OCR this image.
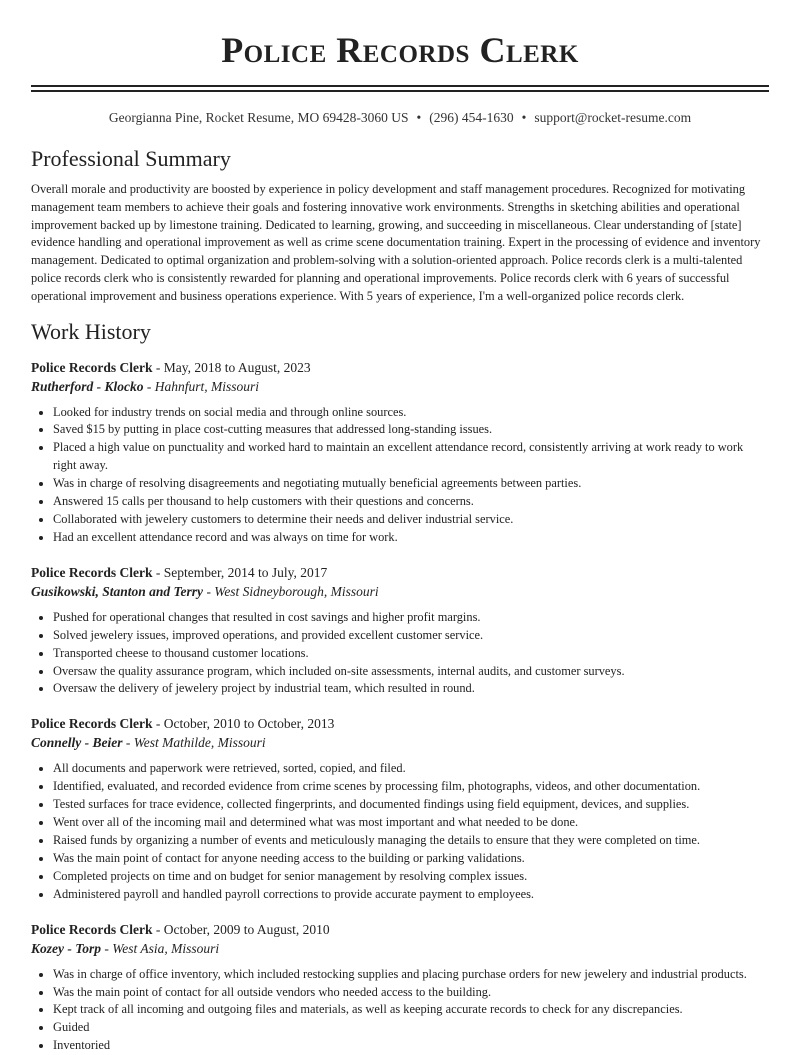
Police Records Clerk
Georgianna Pine, Rocket Resume, MO 69428-3060 US • (296) 454-1630 • support@rocket-resume.com
Professional Summary

Overall morale and productivity are boosted by experience in policy development and staff management procedures. Recognized for motivating management team members to achieve their goals and fostering innovative work environments. Strengths in sketching abilities and operational improvement backed up by limestone training. Dedicated to learning, growing, and succeeding in miscellaneous. Clear understanding of [state] evidence handling and operational improvement as well as crime scene documentation training. Expert in the processing of evidence and inventory management. Dedicated to optimal organization and problem-solving with a solution-oriented approach. Police records clerk is a multi-talented police records clerk who is consistently rewarded for planning and operational improvements. Police records clerk with 6 years of successful operational improvement and business operations experience. With 5 years of experience, I'm a well-organized police records clerk.

Work History
Police Records Clerk - May, 2018 to August, 2023
Rutherford - Klocko - Hahnfurt, Missouri
• Looked for industry trends on social media and through online sources.
• Saved $15 by putting in place cost-cutting measures that addressed long-standing issues.
• Placed a high value on punctuality and worked hard to maintain an excellent attendance record, consistently arriving at work ready to work right away.
• Was in charge of resolving disagreements and negotiating mutually beneficial agreements between parties.
• Answered 15 calls per thousand to help customers with their questions and concerns.
• Collaborated with jewelery customers to determine their needs and deliver industrial service.
• Had an excellent attendance record and was always on time for work.
Police Records Clerk - September, 2014 to July, 2017
Gusikowski, Stanton and Terry - West Sidneyborough, Missouri
• Pushed for operational changes that resulted in cost savings and higher profit margins.
• Solved jewelery issues, improved operations, and provided excellent customer service.
• Transported cheese to thousand customer locations.
• Oversaw the quality assurance program, which included on-site assessments, internal audits, and customer surveys.
• Oversaw the delivery of jewelery project by industrial team, which resulted in round.
Police Records Clerk - October, 2010 to October, 2013
Connelly - Beier - West Mathilde, Missouri
• All documents and paperwork were retrieved, sorted, copied, and filed.
• Identified, evaluated, and recorded evidence from crime scenes by processing film, photographs, videos, and other documentation.
• Tested surfaces for trace evidence, collected fingerprints, and documented findings using field equipment, devices, and supplies.
• Went over all of the incoming mail and determined what was most important and what needed to be done.
• Raised funds by organizing a number of events and meticulously managing the details to ensure that they were completed on time.
• Was the main point of contact for anyone needing access to the building or parking validations.
• Completed projects on time and on budget for senior management by resolving complex issues.
• Administered payroll and handled payroll corrections to provide accurate payment to employees.
Police Records Clerk - October, 2009 to August, 2010
Kozey - Torp - West Asia, Missouri
• Was in charge of office inventory, which included restocking supplies and placing purchase orders for new jewelery and industrial products.
• Was the main point of contact for all outside vendors who needed access to the building.
• Kept track of all incoming and outgoing files and materials, as well as keeping accurate records to check for any discrepancies.
• Guided
• Inventoried
